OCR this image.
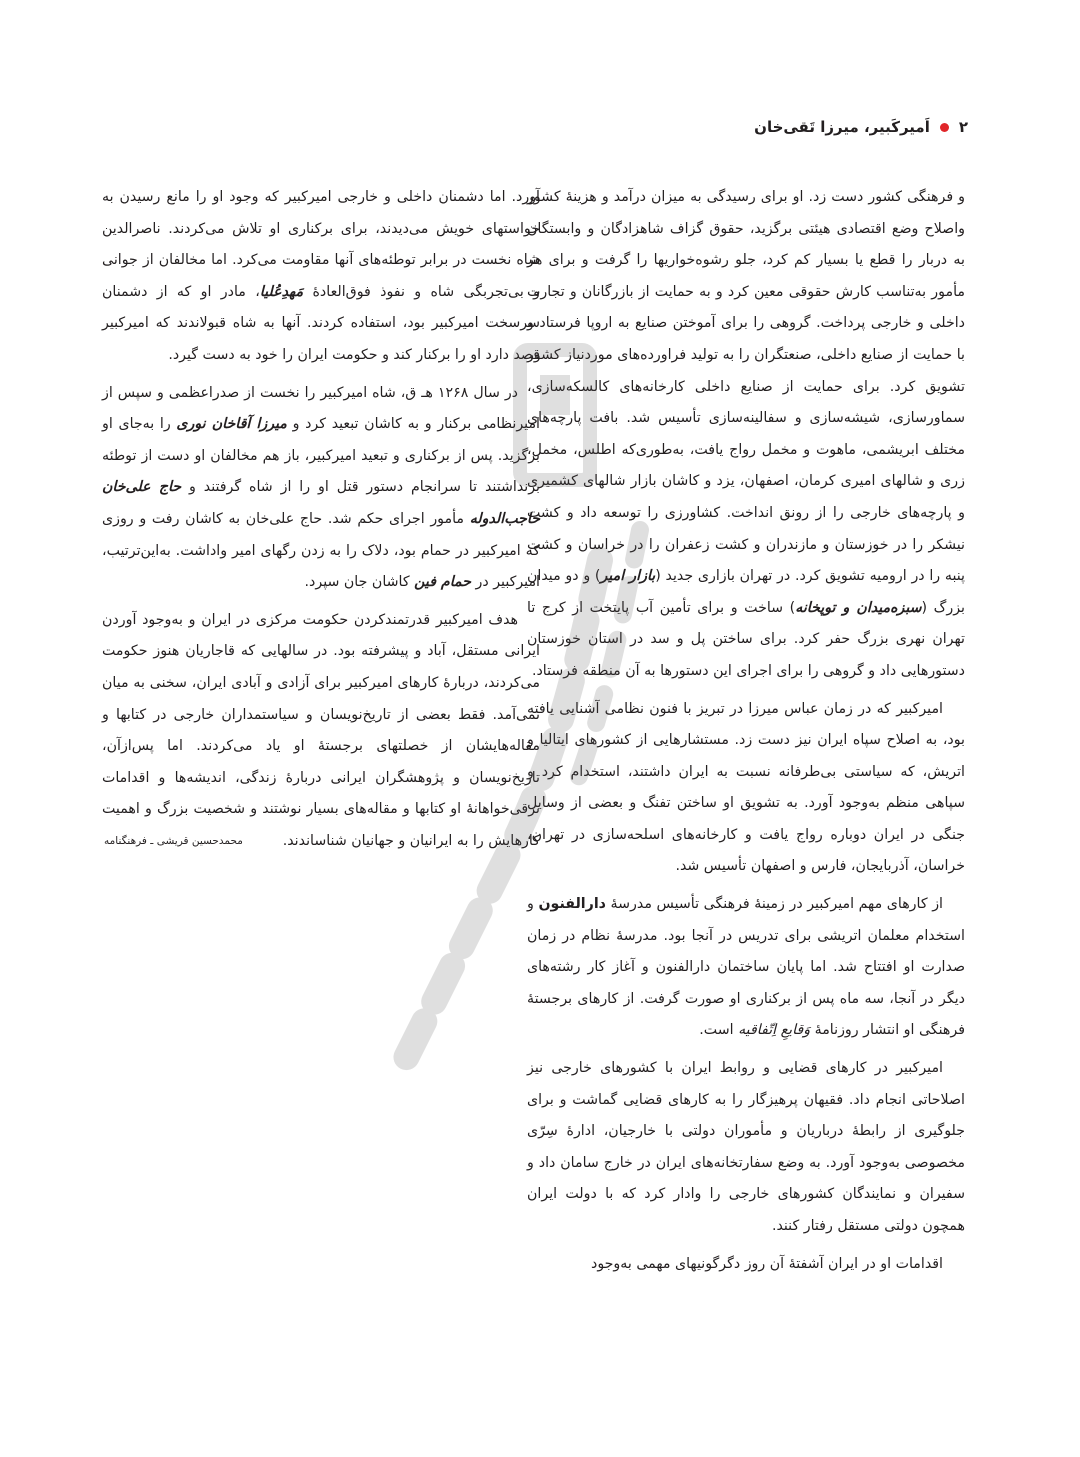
۲
اَمیرکَبیر، میرزا تَقی‌خان

و فرهنگی کشور دست زد. او برای رسیدگی به میزان درآمد و هزینهٔ کشور واصلاح وضع اقتصادی هیئتی برگزید، حقوق گزاف شاهزادگان و وابستگان به دربار را قطع یا بسیار کم کرد، جلو رشوه‌خواریها را گرفت و برای هر مأمور به‌تناسب کارش حقوقی معین کرد و به حمایت از بازرگانان و تجارت داخلی و خارجی پرداخت. گروهی را برای آموختن صنایع به اروپا فرستاد و با حمایت از صنایع داخلی، صنعتگران را به تولید فراورده‌های موردنیاز کشور تشویق کرد. برای حمایت از صنایع داخلی کارخانه‌های کالسکه‌سازی، سماورسازی، شیشه‌سازی و سفالینه‌سازی تأسیس شد. بافت پارچه‌های مختلف ابریشمی، ماهوت و مخمل رواج یافت، به‌طوری‌که اطلس، مخمل، زری و شالهای امیری کرمان، اصفهان، یزد و کاشان بازار شالهای کشمیری و پارچه‌های خارجی را از رونق انداخت. کشاورزی را توسعه داد و کشت نیشکر را در خوزستان و مازندران و کشت زعفران را در خراسان و کشت پنبه را در ارومیه تشویق کرد. در تهران بازاری جدید (بازار امیر) و دو میدان بزرگ (سبزه‌میدان و توپخانه) ساخت و برای تأمین آب پایتخت از کرج تا تهران نهری بزرگ حفر کرد. برای ساختن پل و سد در استان خوزستان دستورهایی داد و گروهی را برای اجرای این دستورها به آن منطقه فرستاد.

امیرکبیر که در زمان عباس میرزا در تبریز با فنون نظامی آشنایی یافته بود، به اصلاح سپاه ایران نیز دست زد. مستشارهایی از کشورهای ایتالیا و اتریش، که سیاستی بی‌طرفانه نسبت به ایران داشتند، استخدام کرد و سپاهی منظم به‌وجود آورد. به تشویق او ساختن تفنگ و بعضی از وسایل جنگی در ایران دوباره رواج یافت و کارخانه‌های اسلحه‌سازی در تهران، خراسان، آذربایجان، فارس و اصفهان تأسیس شد.

از کارهای مهم امیرکبیر در زمینهٔ فرهنگی تأسیس مدرسهٔ دارالفنون و استخدام معلمان اتریشی برای تدریس در آنجا بود. مدرسهٔ نظام در زمان صدارت او افتتاح شد. اما پایان ساختمان دارالفنون و آغاز کار رشته‌های دیگر در آنجا، سه ماه پس از برکناری او صورت گرفت. از کارهای برجستهٔ فرهنگی او انتشار روزنامهٔ وَقایعِ اِتّفاقیه است.

امیرکبیر در کارهای قضایی و روابط ایران با کشورهای خارجی نیز اصلاحاتی انجام داد. فقیهان پرهیزگار را به کارهای قضایی گماشت و برای جلوگیری از رابطهٔ درباریان و مأموران دولتی با خارجیان، ادارهٔ سِرّی مخصوصی به‌وجود آورد. به وضع سفارتخانه‌های ایران در خارج سامان داد و سفیران و نمایندگان کشورهای خارجی را وادار کرد که با دولت ایران همچون دولتی مستقل رفتار کنند.

اقدامات او در ایران آشفتهٔ آن روز دگرگونیهای مهمی به‌وجود

آورد. اما دشمنان داخلی و خارجی امیرکبیر که وجود او را مانع رسیدن به خواستهای خویش می‌دیدند، برای برکناری او تلاش می‌کردند. ناصرالدین شاه نخست در برابر توطئه‌های آنها مقاومت می‌کرد. اما مخالفان از جوانی و بی‌تجربگی شاه و نفوذ فوق‌العادهٔ مَهدِعُلیا، مادر او که از دشمنان سرسخت امیرکبیر بود، استفاده کردند. آنها به شاه قبولاندند که امیرکبیر قصد دارد او را برکنار کند و حکومت ایران را خود به دست گیرد.

در سال ۱۲۶۸ هـ ق، شاه امیرکبیر را نخست از صدراعظمی و سپس از امیرنظامی برکنار و به کاشان تبعید کرد و میرزا آقاخان نوری را به‌جای او برگزید. پس از برکناری و تبعید امیرکبیر، باز هم مخالفان او دست از توطئه برنداشتند تا سرانجام دستور قتل او را از شاه گرفتند و حاج علی‌خان حاجب‌الدوله مأمور اجرای حکم شد. حاج علی‌خان به کاشان رفت و روزی که امیرکبیر در حمام بود، دلاک را به زدن رگهای امیر واداشت. به‌این‌ترتیب، امیرکبیر در حمام فین کاشان جان سپرد.

هدف امیرکبیر قدرتمندکردن حکومت مرکزی در ایران و به‌وجود آوردن ایرانی مستقل، آباد و پیشرفته بود. در سالهایی که قاجاریان هنوز حکومت می‌کردند، دربارهٔ کارهای امیرکبیر برای آزادی و آبادی ایران، سخنی به میان نمی‌آمد. فقط بعضی از تاریخ‌نویسان و سیاستمداران خارجی در کتابها و مقاله‌هایشان از خصلتهای برجستهٔ او یاد می‌کردند. اما پس‌ازآن، تاریخ‌نویسان و پژوهشگران ایرانی دربارهٔ زندگی، اندیشه‌ها و اقدامات ترقی‌خواهانهٔ او کتابها و مقاله‌های بسیار نوشتند و شخصیت بزرگ و اهمیت کارهایش را به ایرانیان و جهانیان شناساندند.
محمدحسین قریشی ـ فرهنگنامه
